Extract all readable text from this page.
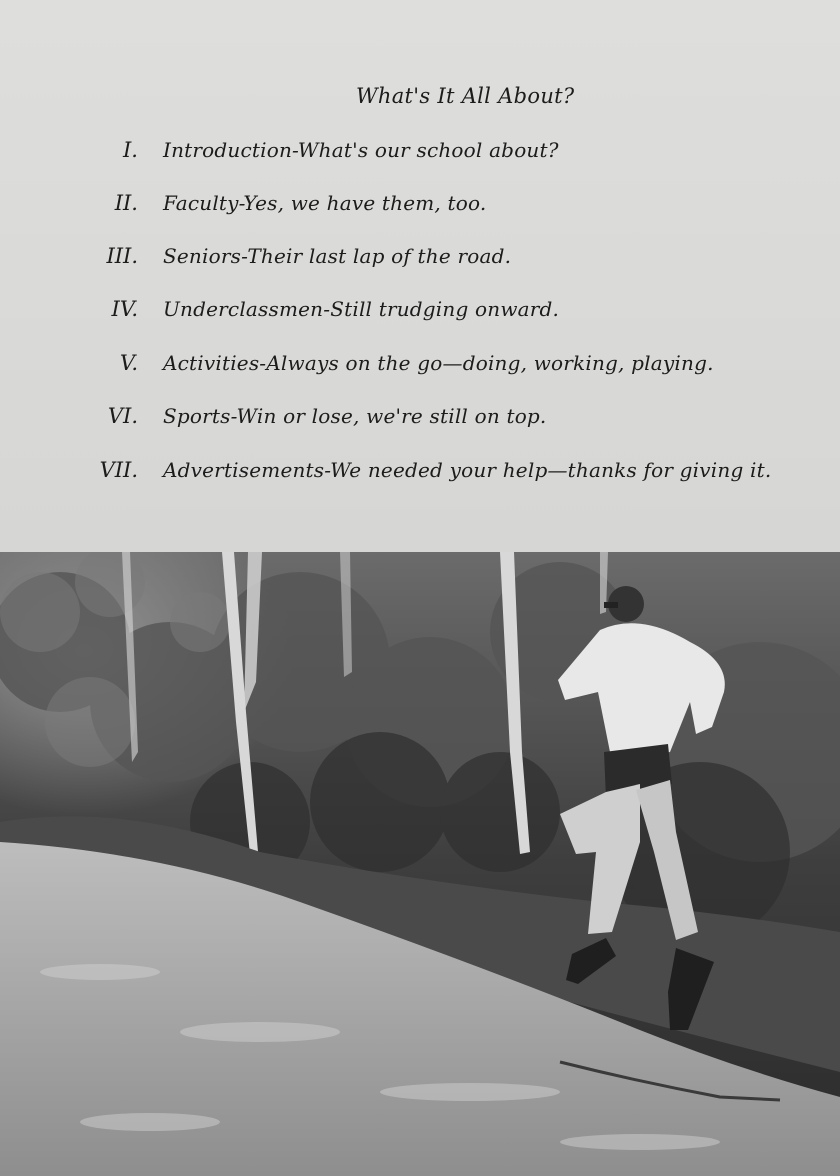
What's It All About?
I. Introduction-What's our school about?
II. Faculty-Yes, we have them, too.
III. Seniors-Their last lap of the road.
IV. Underclassmen-Still trudging onward.
V. Activities-Always on the go—doing, working, playing.
VI. Sports-Win or lose, we're still on top.
VII. Advertisements-We needed your help—thanks for giving it.
